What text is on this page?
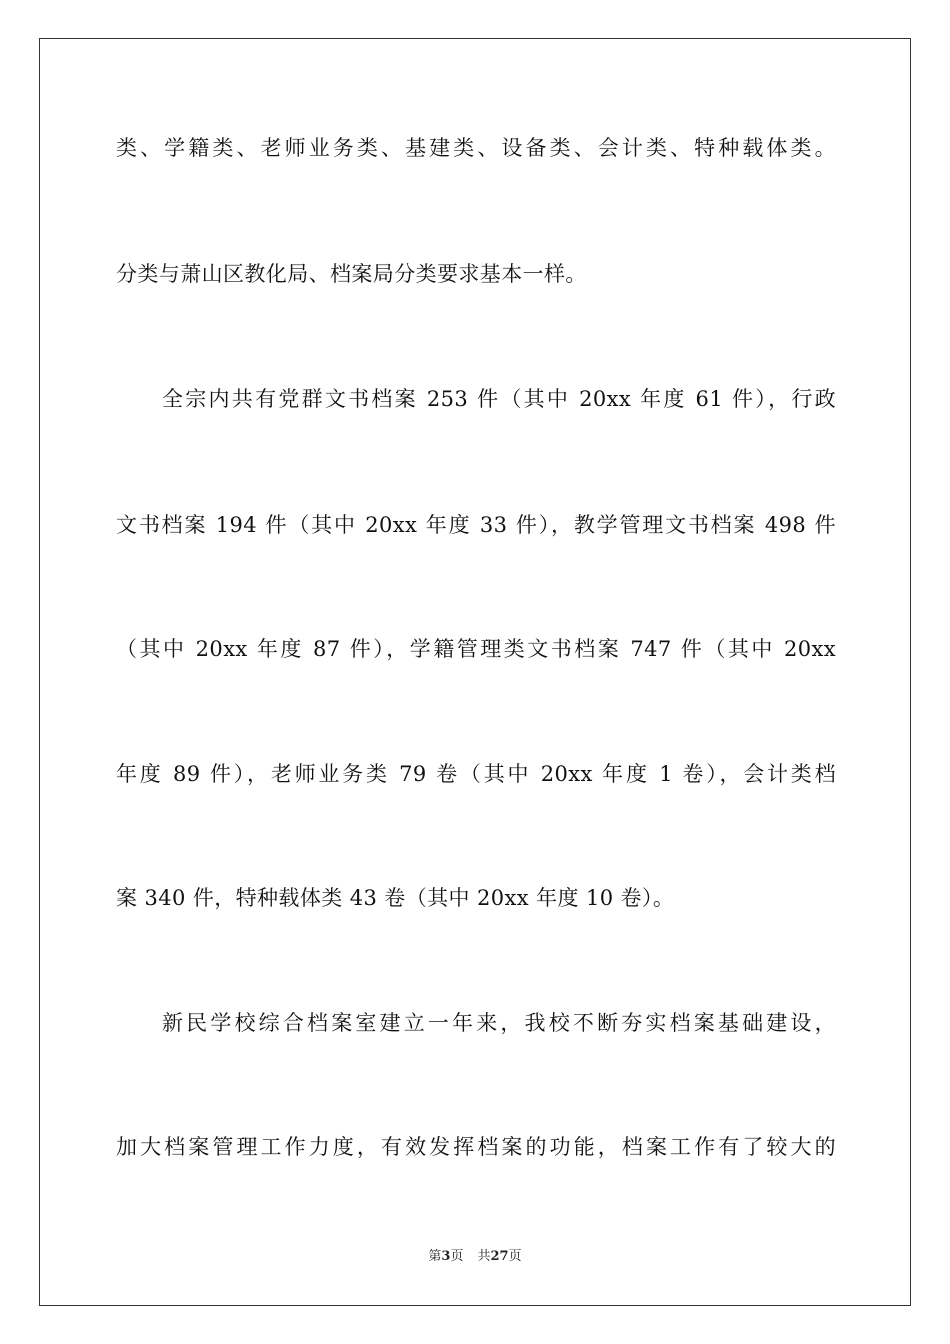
类、学籍类、老师业务类、基建类、设备类、会计类、特种载体类。
分类与萧山区教化局、档案局分类要求基本一样。
全宗内共有党群文书档案 253 件（其中 20xx 年度 61 件），行政
文书档案 194 件（其中 20xx 年度 33 件），教学管理文书档案 498 件
（其中 20xx 年度 87 件），学籍管理类文书档案 747 件（其中 20xx
年度 89 件），老师业务类 79 卷（其中 20xx 年度 1 卷），会计类档
案 340 件，特种载体类 43 卷（其中 20xx 年度 10 卷）。
新民学校综合档案室建立一年来，我校不断夯实档案基础建设，
加大档案管理工作力度，有效发挥档案的功能，档案工作有了较大的
第3页 共27页
